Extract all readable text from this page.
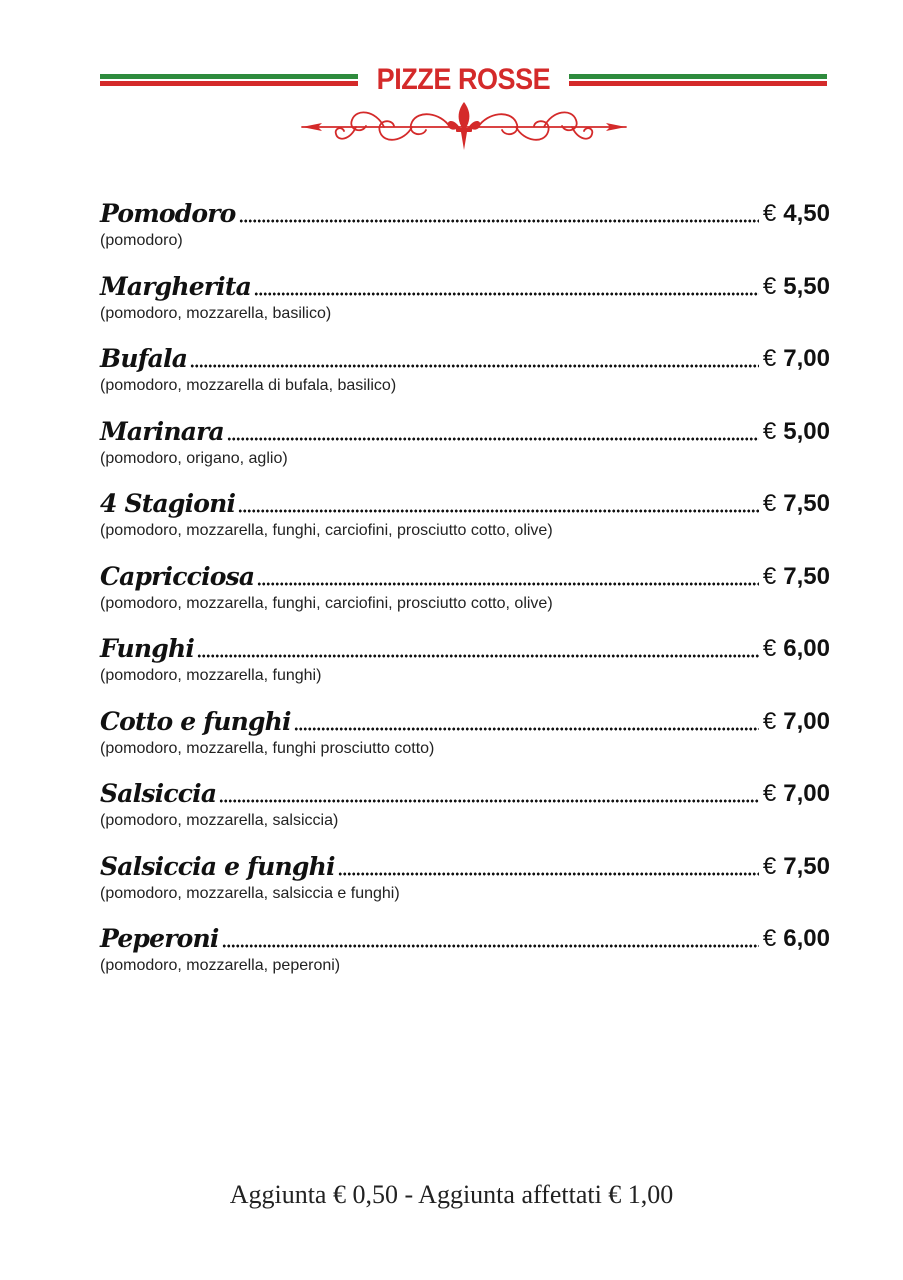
PIZZE ROSSE
Pomodoro	€ 4,50
(pomodoro)
Margherita	€ 5,50
(pomodoro, mozzarella, basilico)
Bufala	€ 7,00
(pomodoro, mozzarella di bufala, basilico)
Marinara	€ 5,00
(pomodoro, origano, aglio)
4 Stagioni	€ 7,50
(pomodoro, mozzarella, funghi, carciofini, prosciutto cotto, olive)
Capricciosa	€ 7,50
(pomodoro, mozzarella, funghi, carciofini, prosciutto cotto, olive)
Funghi	€ 6,00
(pomodoro, mozzarella, funghi)
Cotto e funghi	€ 7,00
(pomodoro, mozzarella, funghi prosciutto cotto)
Salsiccia	€ 7,00
(pomodoro, mozzarella, salsiccia)
Salsiccia e funghi	€ 7,50
(pomodoro, mozzarella, salsiccia e funghi)
Peperoni	€ 6,00
(pomodoro, mozzarella, peperoni)
Aggiunta € 0,50 - Aggiunta affettati € 1,00
